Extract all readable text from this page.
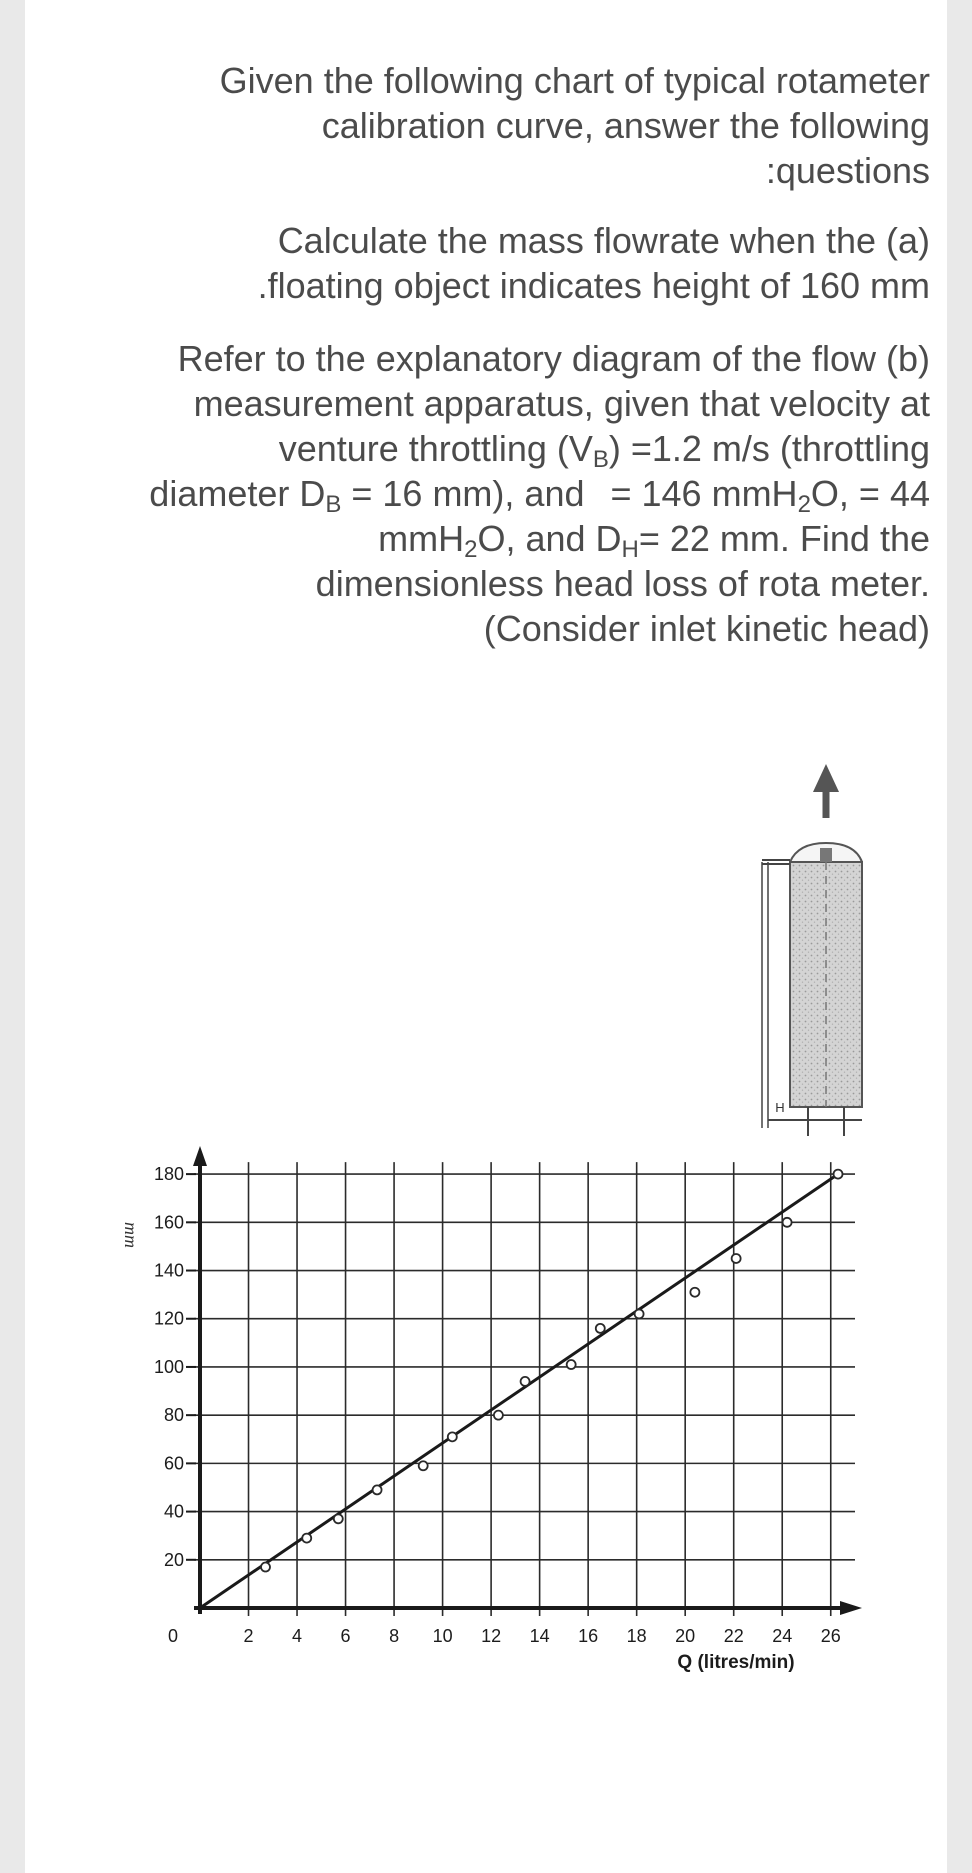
Given the following chart of typical rotameter

calibration curve, answer the following

:questions

Calculate the mass flowrate when the (a)

.floating object indicates height of 160 mm

Refer to the explanatory diagram of the flow (b)

measurement apparatus, given that velocity at

venture throttling $(V_B) =1.2$ m/s (throttling

diameter $D_B = 16$ mm), and = 146 mmH$_2$O, = 44

mmH$_2$O, and $D_H= 22$ mm. Find the

dimensionless head loss of rota meter.

(Consider inlet kinetic head)

H
20
40
60
80
100
120
140
160
180
0	2 4 6 8 10 12 14 16 18 20 22 24 26
Q (litres/min)
mm
